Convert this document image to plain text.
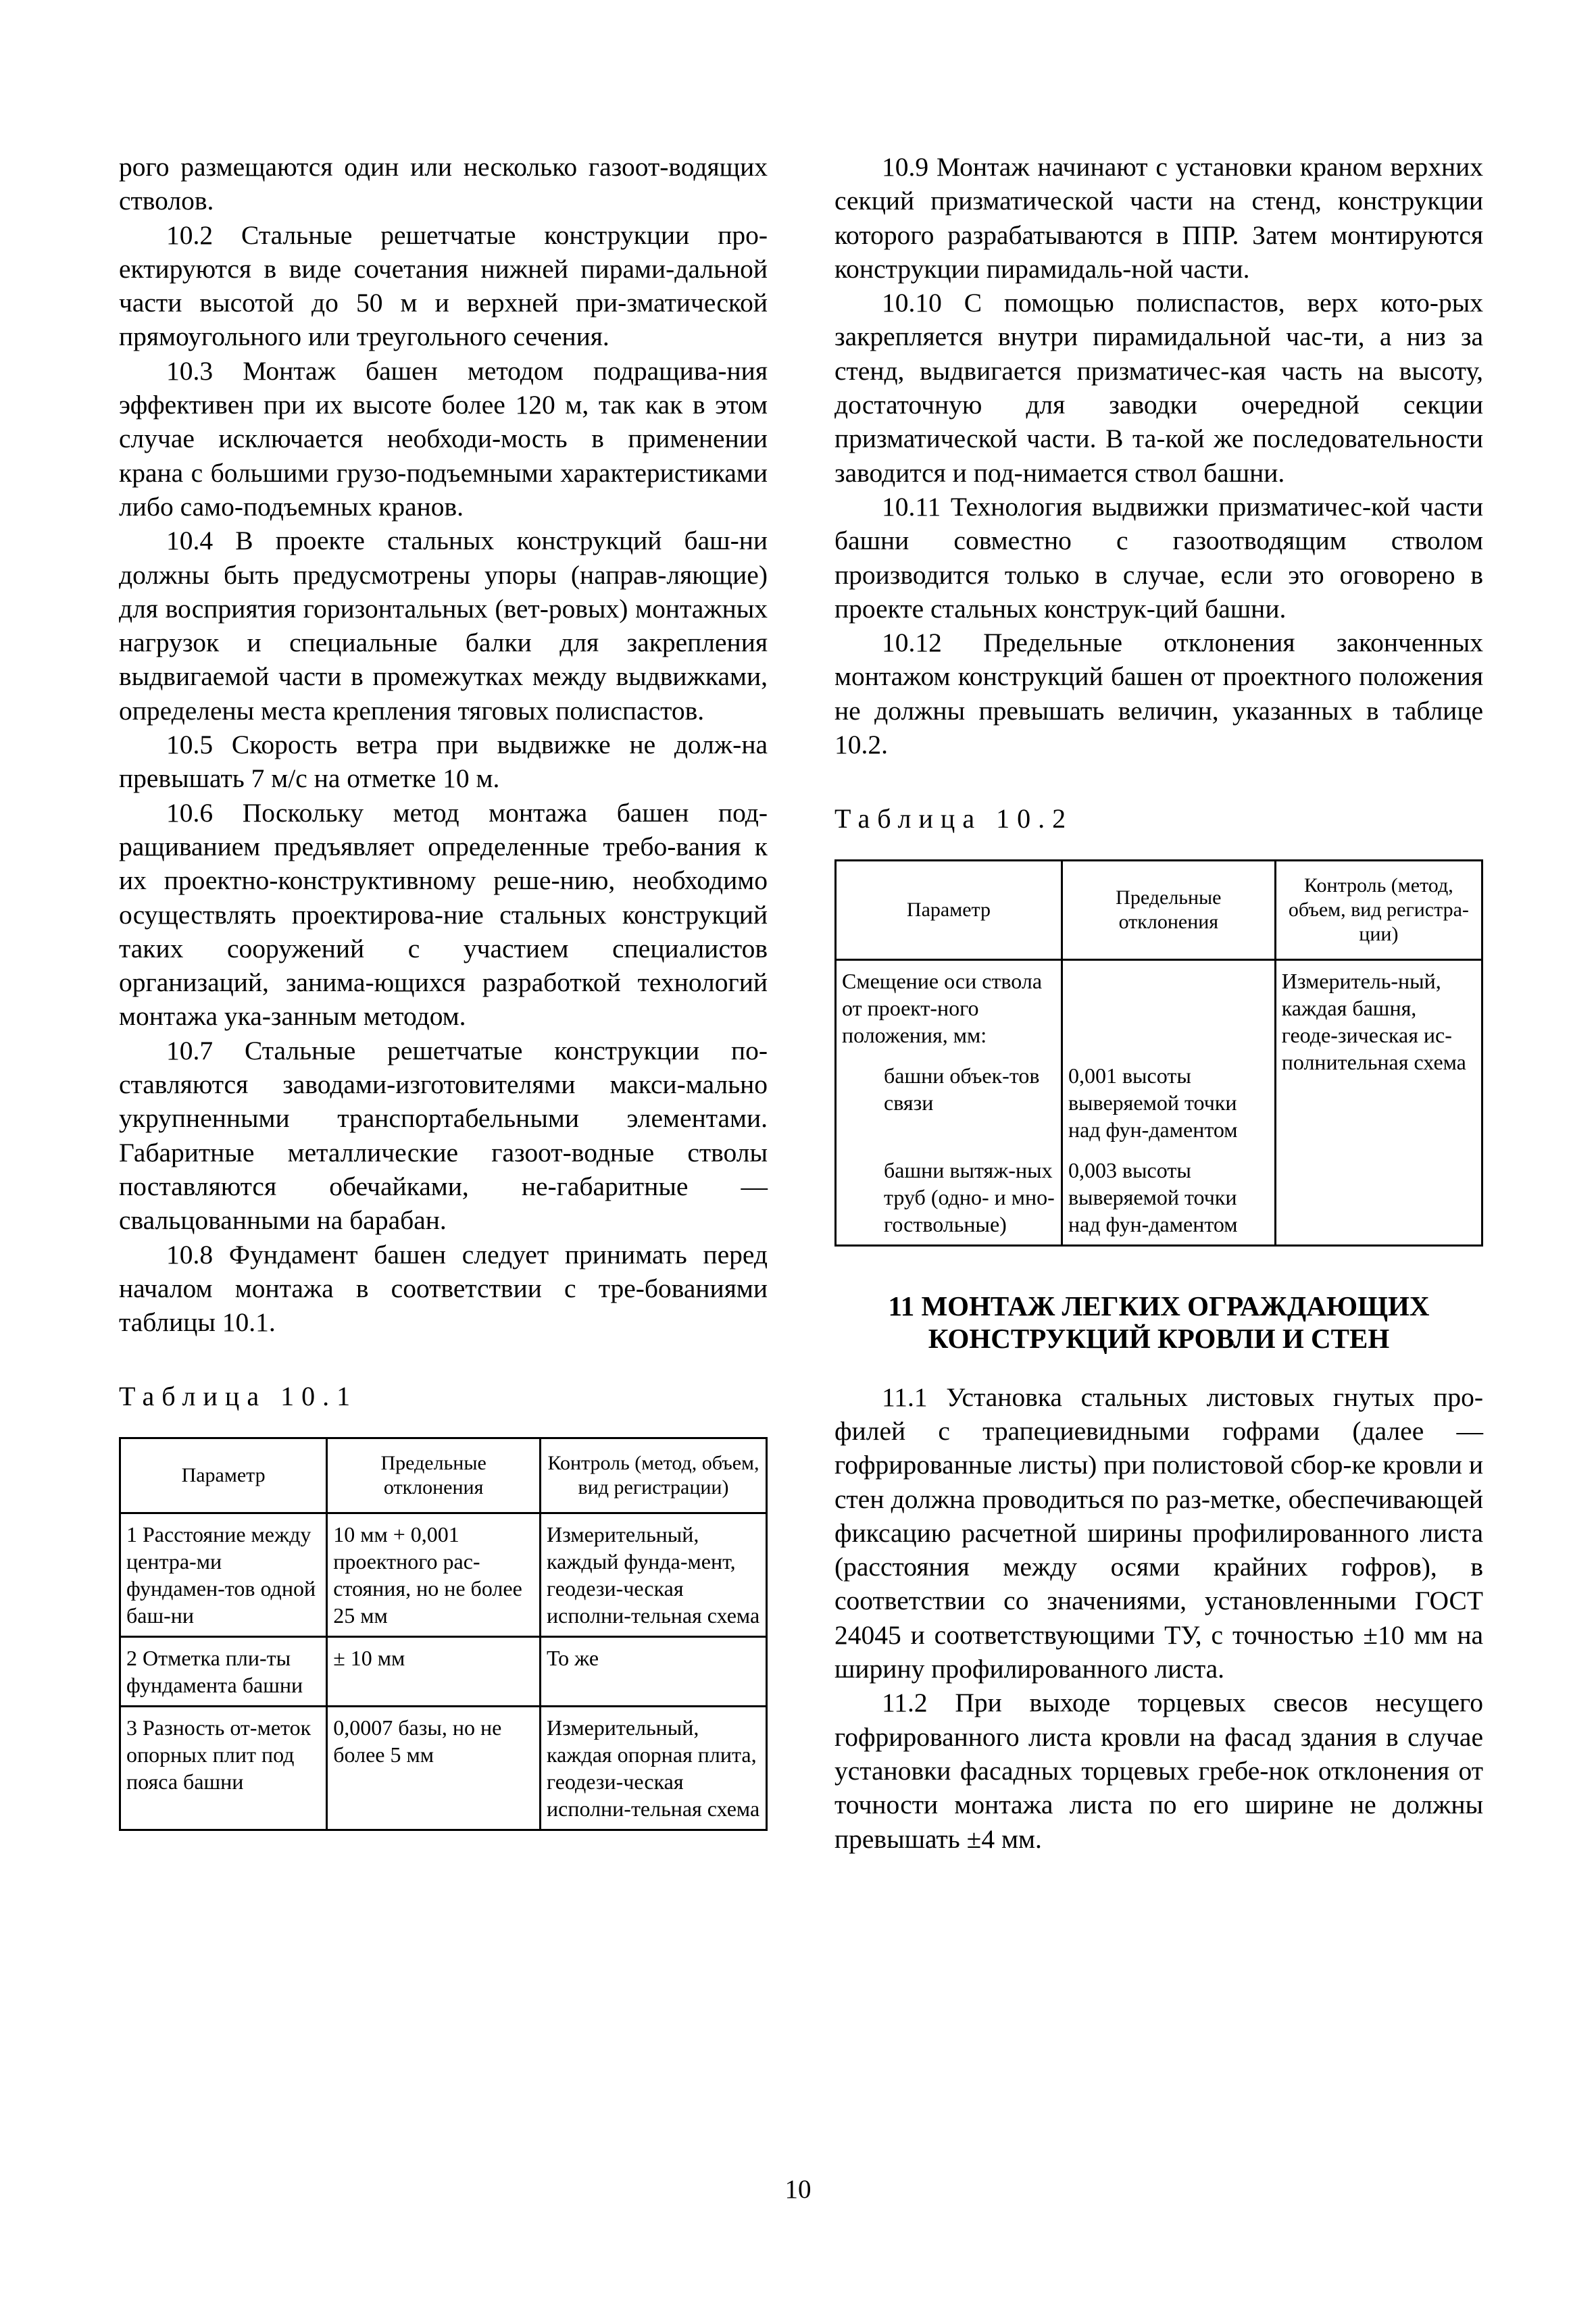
рого размещаются один или несколько газоот-водящих стволов.

10.2 Стальные решетчатые конструкции про-ектируются в виде сочетания нижней пирами-дальной части высотой до 50 м и верхней при-зматической прямоугольного или треугольного сечения.

10.3 Монтаж башен методом подращива-ния эффективен при их высоте более 120 м, так как в этом случае исключается необходи-мость в применении крана с большими грузо-подъемными характеристиками либо само-подъемных кранов.

10.4 В проекте стальных конструкций баш-ни должны быть предусмотрены упоры (направ-ляющие) для восприятия горизонтальных (вет-ровых) монтажных нагрузок и специальные балки для закрепления выдвигаемой части в промежутках между выдвижками, определены места крепления тяговых полиспастов.

10.5 Скорость ветра при выдвижке не долж-на превышать 7 м/с на отметке 10 м.

10.6 Поскольку метод монтажа башен под-ращиванием предъявляет определенные требо-вания к их проектно-конструктивному реше-нию, необходимо осуществлять проектирова-ние стальных конструкций таких сооружений с участием специалистов организаций, занима-ющихся разработкой технологий монтажа ука-занным методом.

10.7 Стальные решетчатые конструкции по-ставляются заводами-изготовителями макси-мально укрупненными транспортабельными элементами. Габаритные металлические газоот-водные стволы поставляются обечайками, не-габаритные — свальцованными на барабан.

10.8 Фундамент башен следует принимать перед началом монтажа в соответствии с тре-бованиями таблицы 10.1.

Таблица 10.1
Параметр	Предельные отклонения	Контроль (метод, объем, вид регистрации)
1 Расстояние между центра-ми фундамен-тов одной баш-ни	10 мм + 0,001 проектного рас-стояния, но не более 25 мм	Измерительный, каждый фунда-мент, геодези-ческая исполни-тельная схема
2 Отметка пли-ты фундамента башни	± 10 мм	То же
3 Разность от-меток опорных плит под пояса башни	0,0007 базы, но не более 5 мм	Измерительный, каждая опорная плита, геодези-ческая исполни-тельная схема

10.9 Монтаж начинают с установки краном верхних секций призматической части на стенд, конструкции которого разрабатываются в ППР. Затем монтируются конструкции пирамидаль-ной части.

10.10 С помощью полиспастов, верх кото-рых закрепляется внутри пирамидальной час-ти, а низ за стенд, выдвигается призматичес-кая часть на высоту, достаточную для заводки очередной секции призматической части. В та-кой же последовательности заводится и под-нимается ствол башни.

10.11 Технология выдвижки призматичес-кой части башни совместно с газоотводящим стволом производится только в случае, если это оговорено в проекте стальных конструк-ций башни.

10.12 Предельные отклонения законченных монтажом конструкций башен от проектного положения не должны превышать величин, указанных в таблице 10.2.

Таблица 10.2
Параметр	Предельные отклонения	Контроль (метод, объем, вид регистра-ции)
Смещение оси ствола от проект-ного положения, мм:		Измеритель-ный, каждая башня, геоде-зическая ис-полнительная схема

башни объек-тов связи	0,001 высоты выверяемой точки над фун-даментом	

башни вытяж-ных труб (одно- и мно-гоствольные)	0,003 высоты выверяемой точки над фун-даментом	
11 МОНТАЖ ЛЕГКИХ ОГРАЖДАЮЩИХ КОНСТРУКЦИЙ КРОВЛИ И СТЕН

11.1 Установка стальных листовых гнутых про-филей с трапециевидными гофрами (далее — гофрированные листы) при полистовой сбор-ке кровли и стен должна проводиться по раз-метке, обеспечивающей фиксацию расчетной ширины профилированного листа (расстояния между осями крайних гофров), в соответствии со значениями, установленными ГОСТ 24045 и соответствующими ТУ, с точностью ±10 мм на ширину профилированного листа.

11.2 При выходе торцевых свесов несущего гофрированного листа кровли на фасад здания в случае установки фасадных торцевых гребе-нок отклонения от точности монтажа листа по его ширине не должны превышать ±4 мм.

10
